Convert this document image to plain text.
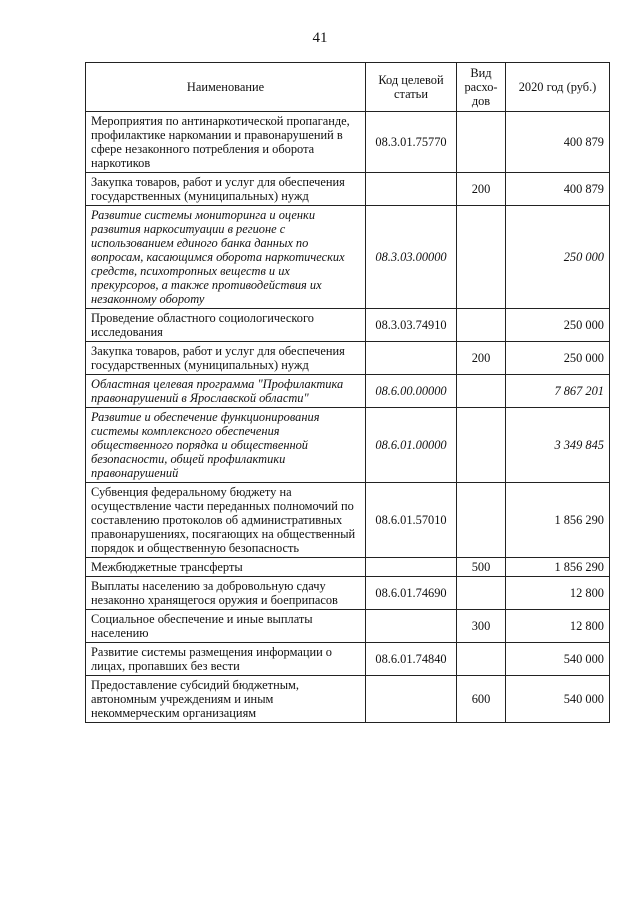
41
Наименование	Код целевой статьи	Вид расхо-дов	2020 год (руб.)
Мероприятия по антинаркотической пропаганде, профилактике наркомании и правонарушений в сфере незаконного потребления и оборота наркотиков	08.3.01.75770		400 879
Закупка товаров, работ и услуг для обеспечения государственных (муниципальных) нужд		200	400 879
Развитие системы мониторинга и оценки развития наркоситуации в регионе с использованием единого банка данных по вопросам, касающимся оборота наркотических средств, психотропных веществ и их прекурсоров, а также противодействия их незаконному обороту	08.3.03.00000		250 000
Проведение областного социологического исследования	08.3.03.74910		250 000
Закупка товаров, работ и услуг для обеспечения государственных (муниципальных) нужд		200	250 000
Областная целевая программа "Профилактика правонарушений в Ярославской области"	08.6.00.00000		7 867 201
Развитие и обеспечение функционирования системы комплексного обеспечения общественного порядка и общественной безопасности, общей профилактики правонарушений	08.6.01.00000		3 349 845
Субвенция федеральному бюджету на осуществление части переданных полномочий по составлению протоколов об административных правонарушениях, посягающих на общественный порядок и общественную безопасность	08.6.01.57010		1 856 290
Межбюджетные трансферты		500	1 856 290
Выплаты населению за добровольную сдачу незаконно хранящегося оружия и боеприпасов	08.6.01.74690		12 800
Социальное обеспечение и иные выплаты населению		300	12 800
Развитие системы размещения информации о лицах, пропавших без вести	08.6.01.74840		540 000
Предоставление субсидий бюджетным, автономным учреждениям и иным некоммерческим организациям		600	540 000
